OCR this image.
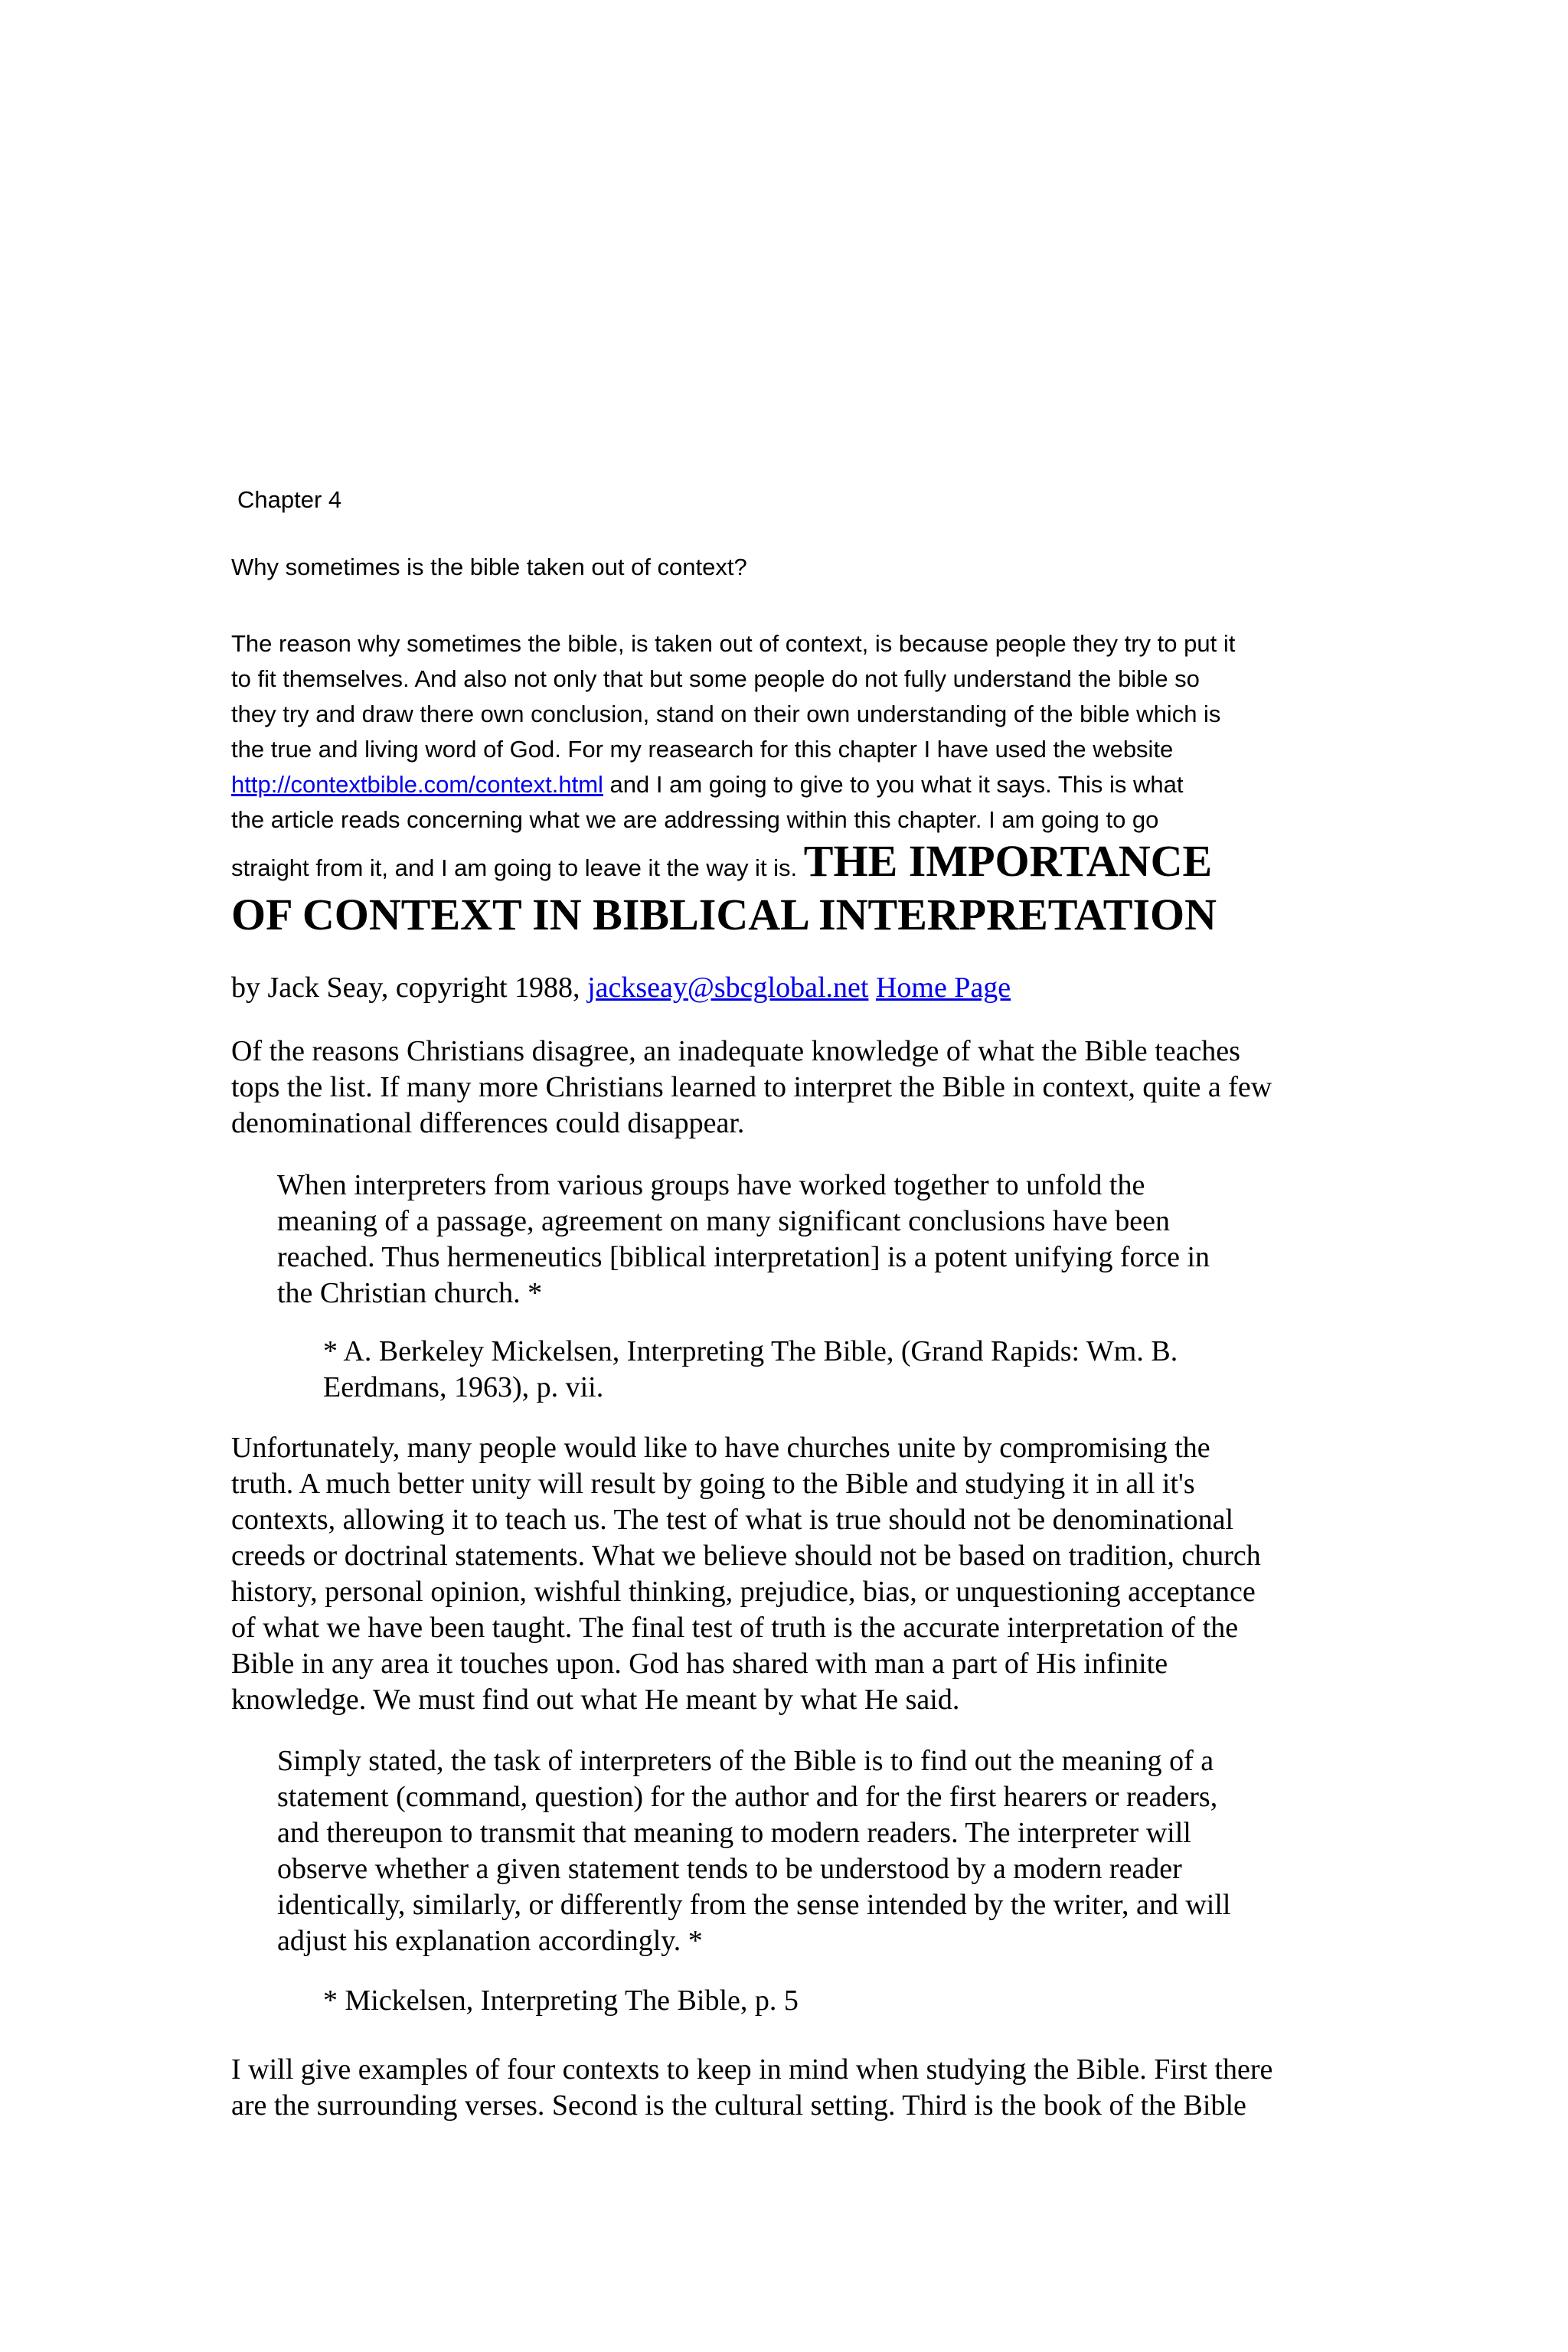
Chapter 4
Why sometimes is the bible taken out of context?
The reason why sometimes the bible, is taken out of context, is because people they try to put it
to fit themselves. And also not only that but some people do not fully understand the bible so
they try and draw there own conclusion, stand on their own understanding of the bible which is
the true and living word of God. For my reasearch for this chapter I have used the website
http://contextbible.com/context.html and I am going to give to you what it says. This is what
the article reads concerning what we are addressing within this chapter. I am going to go
straight from it, and I am going to leave it the way it is. THE IMPORTANCE
OF CONTEXT IN BIBLICAL INTERPRETATION
by Jack Seay, copyright 1988, jackseay@sbcglobal.net Home Page
Of the reasons Christians disagree, an inadequate knowledge of what the Bible teaches
tops the list. If many more Christians learned to interpret the Bible in context, quite a few
denominational differences could disappear.
When interpreters from various groups have worked together to unfold the
meaning of a passage, agreement on many significant conclusions have been
reached. Thus hermeneutics [biblical interpretation] is a potent unifying force in
the Christian church. *
* A. Berkeley Mickelsen, Interpreting The Bible, (Grand Rapids: Wm. B.
Eerdmans, 1963), p. vii.
Unfortunately, many people would like to have churches unite by compromising the
truth. A much better unity will result by going to the Bible and studying it in all it's
contexts, allowing it to teach us. The test of what is true should not be denominational
creeds or doctrinal statements. What we believe should not be based on tradition, church
history, personal opinion, wishful thinking, prejudice, bias, or unquestioning acceptance
of what we have been taught. The final test of truth is the accurate interpretation of the
Bible in any area it touches upon. God has shared with man a part of His infinite
knowledge. We must find out what He meant by what He said.
Simply stated, the task of interpreters of the Bible is to find out the meaning of a
statement (command, question) for the author and for the first hearers or readers,
and thereupon to transmit that meaning to modern readers. The interpreter will
observe whether a given statement tends to be understood by a modern reader
identically, similarly, or differently from the sense intended by the writer, and will
adjust his explanation accordingly. *
* Mickelsen, Interpreting The Bible, p. 5
I will give examples of four contexts to keep in mind when studying the Bible. First there
are the surrounding verses. Second is the cultural setting. Third is the book of the Bible
